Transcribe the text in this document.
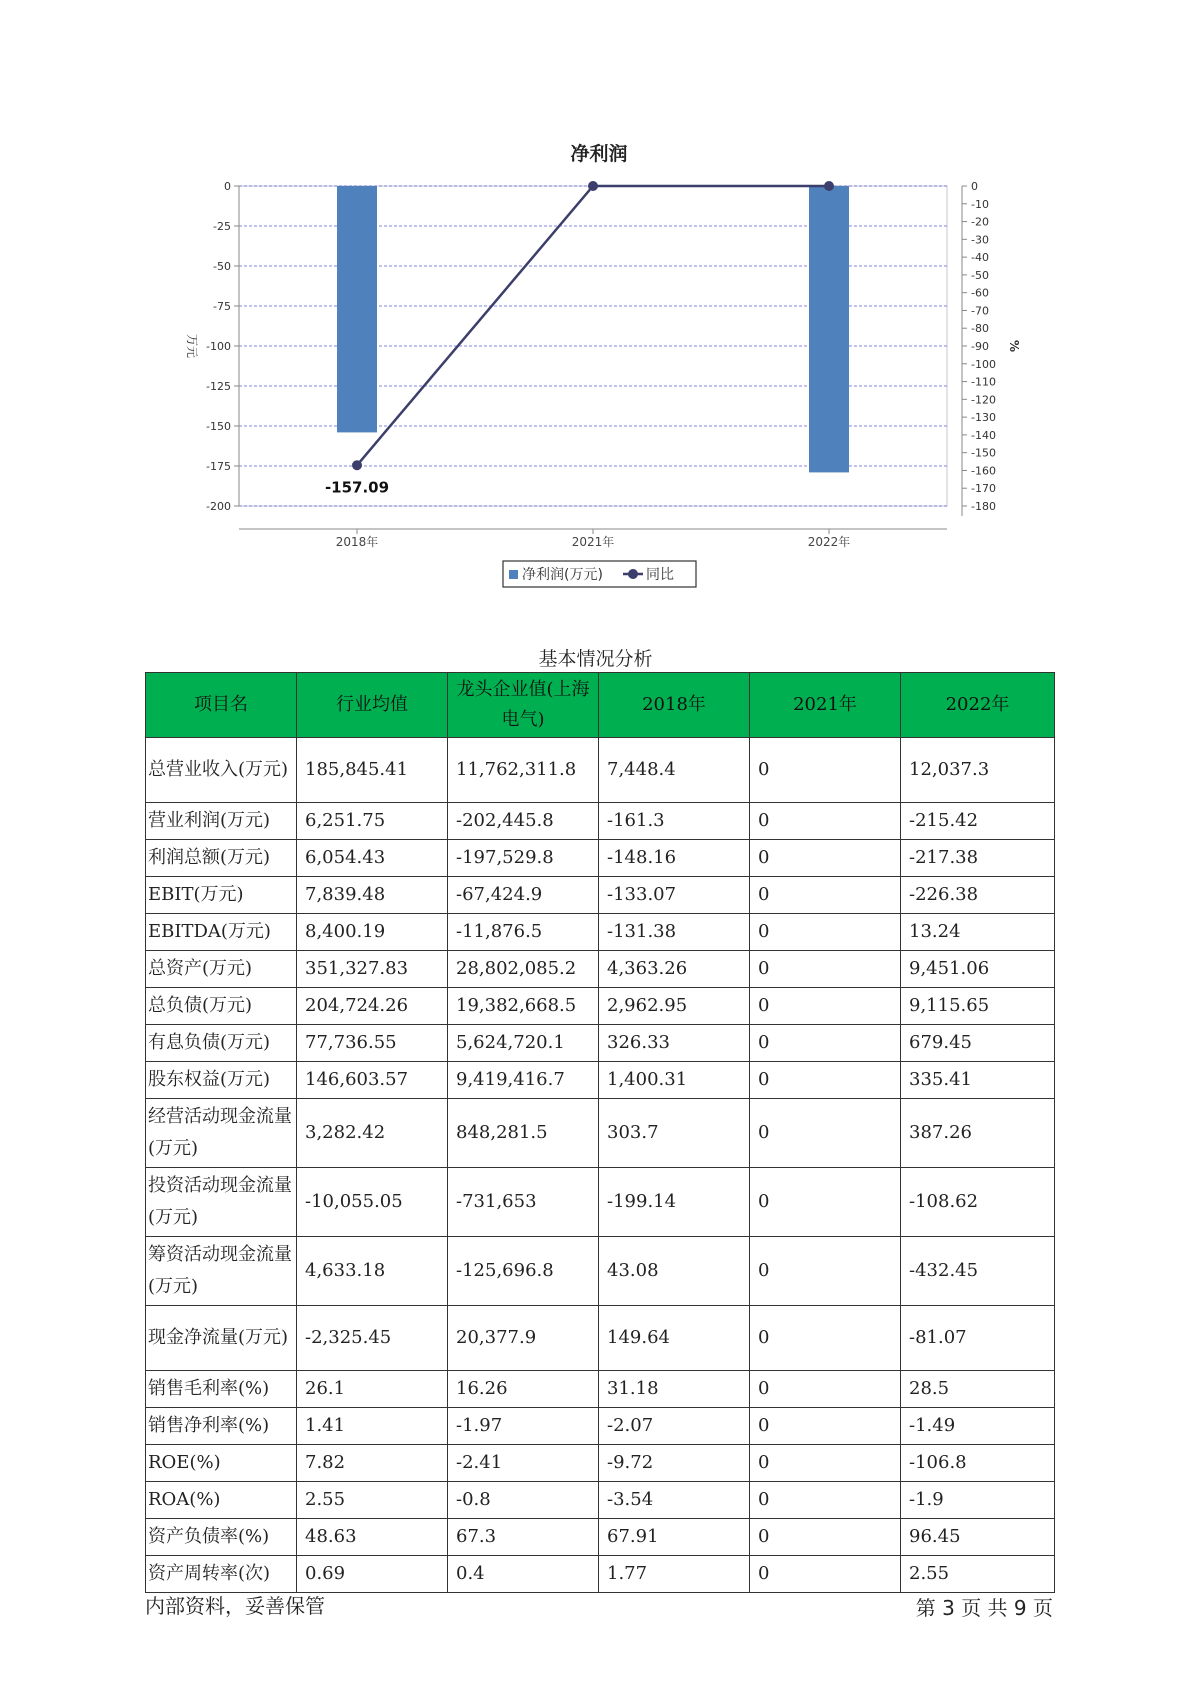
净利润
0
-25
-50
-75
-100
-125
-150
-175
-200
万元
0
-10
-20
-30
-40
-50
-60
-70
-80
-90
-100
-110
-120
-130
-140
-150
-160
-170
-180
%
2018年	2021年	2022年
-157.09
净利润(万元)	同比
基本情况分析
项目名	行业均值	龙头企业值(上海电气)	2018年	2021年	2022年
总营业收入(万元)	185,845.41	11,762,311.8	7,448.4	0	12,037.3
营业利润(万元)	6,251.75	-202,445.8	-161.3	0	-215.42
利润总额(万元)	6,054.43	-197,529.8	-148.16	0	-217.38
EBIT(万元)	7,839.48	-67,424.9	-133.07	0	-226.38
EBITDA(万元)	8,400.19	-11,876.5	-131.38	0	13.24
总资产(万元)	351,327.83	28,802,085.2	4,363.26	0	9,451.06
总负债(万元)	204,724.26	19,382,668.5	2,962.95	0	9,115.65
有息负债(万元)	77,736.55	5,624,720.1	326.33	0	679.45
股东权益(万元)	146,603.57	9,419,416.7	1,400.31	0	335.41
经营活动现金流量(万元)	3,282.42	848,281.5	303.7	0	387.26
投资活动现金流量(万元)	-10,055.05	-731,653	-199.14	0	-108.62
筹资活动现金流量(万元)	4,633.18	-125,696.8	43.08	0	-432.45
现金净流量(万元)	-2,325.45	20,377.9	149.64	0	-81.07
销售毛利率(%)	26.1	16.26	31.18	0	28.5
销售净利率(%)	1.41	-1.97	-2.07	0	-1.49
ROE(%)	7.82	-2.41	-9.72	0	-106.8
ROA(%)	2.55	-0.8	-3.54	0	-1.9
资产负债率(%)	48.63	67.3	67.91	0	96.45
资产周转率(次)	0.69	0.4	1.77	0	2.55
内部资料，妥善保管	第 3 页 共 9 页
